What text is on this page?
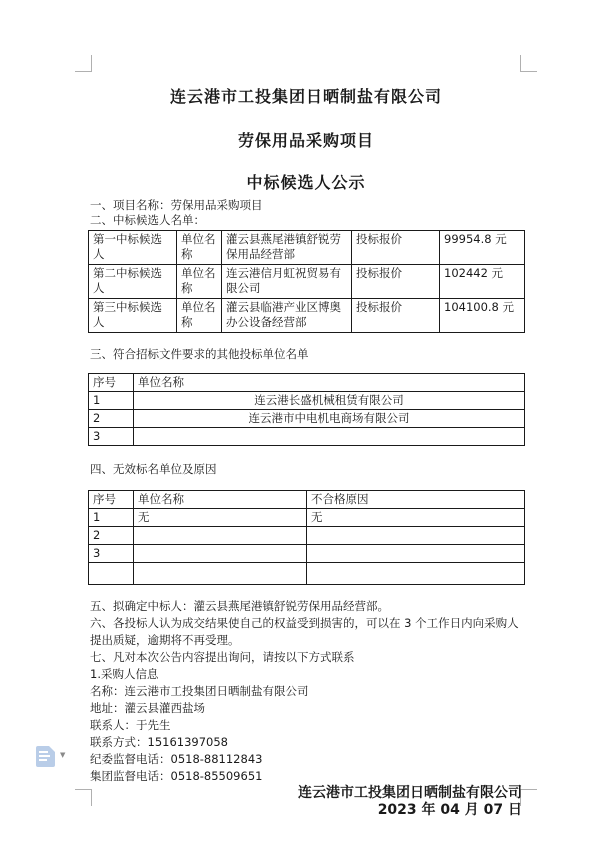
▼
连云港市工投集团日晒制盐有限公司
劳保用品采购项目
中标候选人公示
一、项目名称：劳保用品采购项目
二、中标候选人名单：
第一中标候选人	单位名称	灌云县燕尾港镇舒锐劳保用品经营部	投标报价	99954.8 元
第二中标候选人	单位名称	连云港信月虹祝贸易有限公司	投标报价	102442 元
第三中标候选人	单位名称	灌云县临港产业区博奥办公设备经营部	投标报价	104100.8 元
三、符合招标文件要求的其他投标单位名单
序号	单位名称
1	连云港长盛机械租赁有限公司
2	连云港市中电机电商场有限公司
3	
四、无效标名单位及原因
序号	单位名称	不合格原因
1	无	无
2		
3		

五、拟确定中标人：灌云县燕尾港镇舒锐劳保用品经营部。
六、各投标人认为成交结果使自己的权益受到损害的，可以在 3 个工作日内向采购人提出质疑，逾期将不再受理。
七、凡对本次公告内容提出询问，请按以下方式联系
1.采购人信息
名称：连云港市工投集团日晒制盐有限公司
地址：灌云县灌西盐场
联系人：于先生
联系方式：15161397058
纪委监督电话：0518-88112843
集团监督电话：0518-85509651
连云港市工投集团日晒制盐有限公司
2023 年 04 月 07 日
